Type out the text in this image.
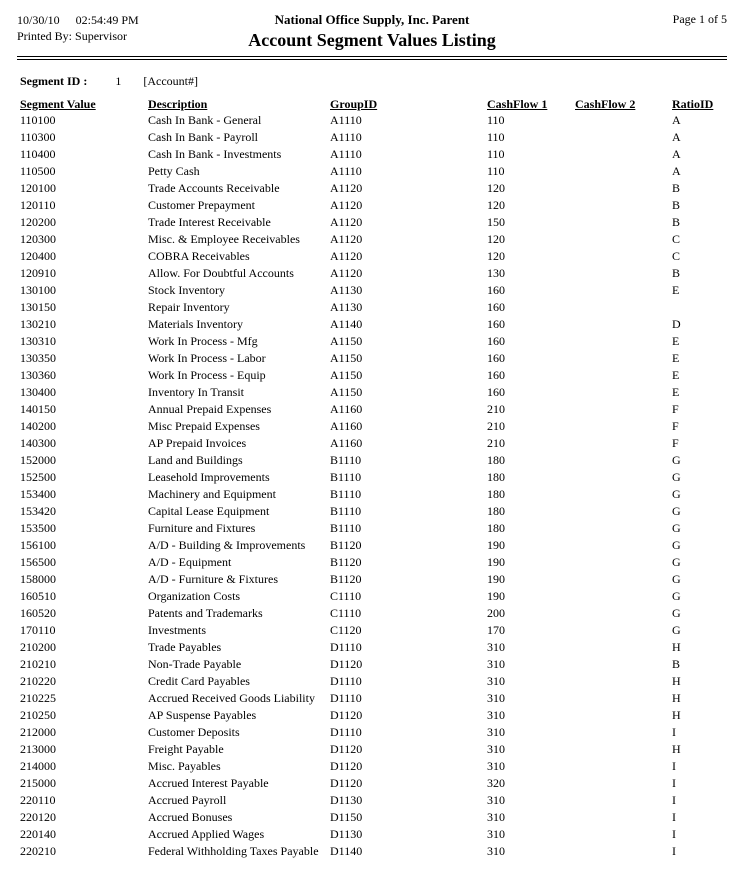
10/30/10 02:54:49 PM
Printed By: Supervisor
National Office Supply, Inc. Parent
Account Segment Values Listing
Page 1 of 5
Segment ID : 1 [Account#]
Segment Value	Description	GroupID	CashFlow 1	CashFlow 2	RatioID
110100	Cash In Bank - General	A1110	110		A
110300	Cash In Bank - Payroll	A1110	110		A
110400	Cash In Bank - Investments	A1110	110		A
110500	Petty Cash	A1110	110		A
120100	Trade Accounts Receivable	A1120	120		B
120110	Customer Prepayment	A1120	120		B
120200	Trade Interest Receivable	A1120	150		B
120300	Misc. & Employee Receivables	A1120	120		C
120400	COBRA Receivables	A1120	120		C
120910	Allow. For Doubtful Accounts	A1120	130		B
130100	Stock Inventory	A1130	160		E
130150	Repair Inventory	A1130	160		
130210	Materials Inventory	A1140	160		D
130310	Work In Process - Mfg	A1150	160		E
130350	Work In Process - Labor	A1150	160		E
130360	Work In Process - Equip	A1150	160		E
130400	Inventory In Transit	A1150	160		E
140150	Annual Prepaid Expenses	A1160	210		F
140200	Misc Prepaid Expenses	A1160	210		F
140300	AP Prepaid Invoices	A1160	210		F
152000	Land and Buildings	B1110	180		G
152500	Leasehold Improvements	B1110	180		G
153400	Machinery and Equipment	B1110	180		G
153420	Capital Lease Equipment	B1110	180		G
153500	Furniture and Fixtures	B1110	180		G
156100	A/D - Building & Improvements	B1120	190		G
156500	A/D - Equipment	B1120	190		G
158000	A/D - Furniture & Fixtures	B1120	190		G
160510	Organization Costs	C1110	190		G
160520	Patents and Trademarks	C1110	200		G
170110	Investments	C1120	170		G
210200	Trade Payables	D1110	310		H
210210	Non-Trade Payable	D1120	310		B
210220	Credit Card Payables	D1110	310		H
210225	Accrued Received Goods Liability	D1110	310		H
210250	AP Suspense Payables	D1120	310		H
212000	Customer Deposits	D1110	310		I
213000	Freight Payable	D1120	310		H
214000	Misc. Payables	D1120	310		I
215000	Accrued Interest Payable	D1120	320		I
220110	Accrued Payroll	D1130	310		I
220120	Accrued Bonuses	D1150	310		I
220140	Accrued Applied Wages	D1130	310		I
220210	Federal Withholding Taxes Payable	D1140	310		I
